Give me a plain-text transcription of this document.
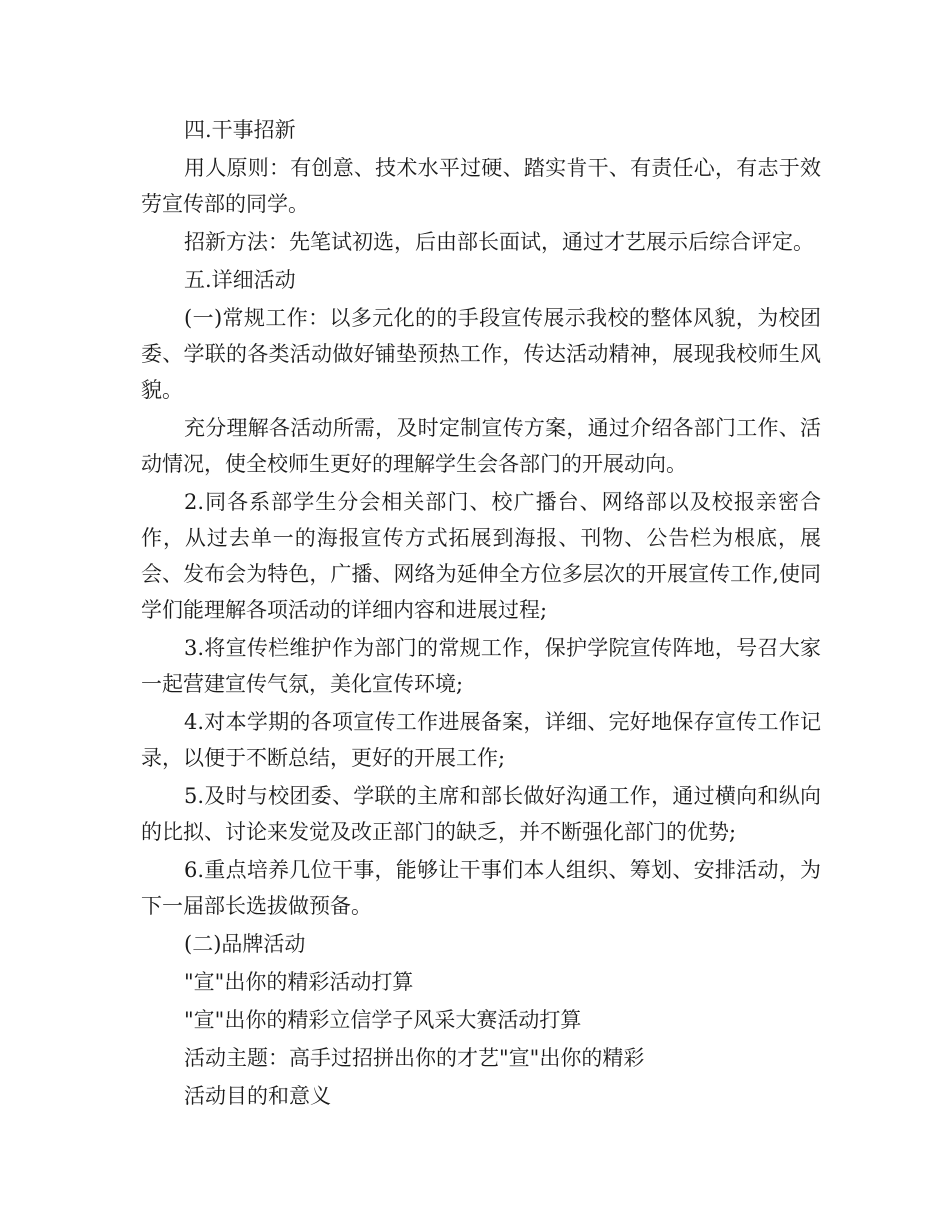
四.干事招新

用人原则：有创意、技术水平过硬、踏实肯干、有责任心，有志于效劳宣传部的同学。

招新方法：先笔试初选，后由部长面试，通过才艺展示后综合评定。

五.详细活动

(一)常规工作：以多元化的的手段宣传展示我校的整体风貌，为校团委、学联的各类活动做好铺垫预热工作，传达活动精神，展现我校师生风貌。

充分理解各活动所需，及时定制宣传方案，通过介绍各部门工作、活动情况，使全校师生更好的理解学生会各部门的开展动向。

2.同各系部学生分会相关部门、校广播台、网络部以及校报亲密合作，从过去单一的海报宣传方式拓展到海报、刊物、公告栏为根底，展会、发布会为特色，广播、网络为延伸全方位多层次的开展宣传工作,使同学们能理解各项活动的详细内容和进展过程;

3.将宣传栏维护作为部门的常规工作，保护学院宣传阵地，号召大家一起营建宣传气氛，美化宣传环境;

4.对本学期的各项宣传工作进展备案，详细、完好地保存宣传工作记录，以便于不断总结，更好的开展工作;

5.及时与校团委、学联的主席和部长做好沟通工作，通过横向和纵向的比拟、讨论来发觉及改正部门的缺乏，并不断强化部门的优势;

6.重点培养几位干事，能够让干事们本人组织、筹划、安排活动，为下一届部长选拔做预备。

(二)品牌活动

"宣"出你的精彩活动打算

"宣"出你的精彩立信学子风采大赛活动打算

活动主题：高手过招拼出你的才艺"宣"出你的精彩

活动目的和意义
